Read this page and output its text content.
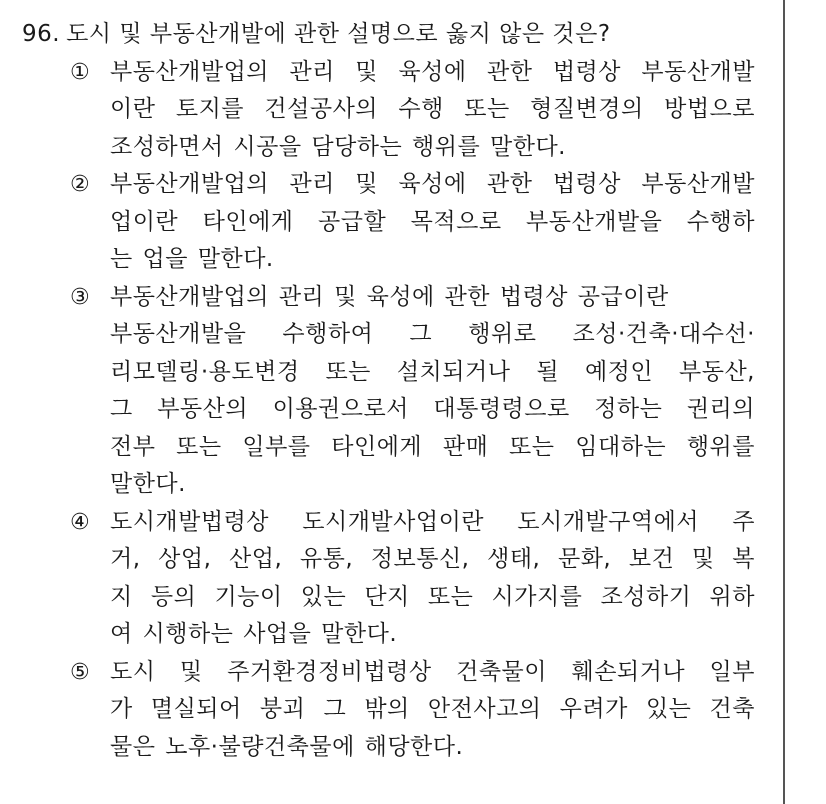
96. 도시 및 부동산개발에 관한 설명으로 옳지 않은 것은?
① 부동산개발업의 관리 및 육성에 관한 법령상 부동산개발
이란 토지를 건설공사의 수행 또는 형질변경의 방법으로
조성하면서 시공을 담당하는 행위를 말한다.
② 부동산개발업의 관리 및 육성에 관한 법령상 부동산개발
업이란 타인에게 공급할 목적으로 부동산개발을 수행하
는 업을 말한다.
③ 부동산개발업의 관리 및 육성에 관한 법령상 공급이란
부동산개발을 수행하여 그 행위로 조성·건축·대수선·
리모델링·용도변경 또는 설치되거나 될 예정인 부동산,
그 부동산의 이용권으로서 대통령령으로 정하는 권리의
전부 또는 일부를 타인에게 판매 또는 임대하는 행위를
말한다.
④ 도시개발법령상 도시개발사업이란 도시개발구역에서 주
거, 상업, 산업, 유통, 정보통신, 생태, 문화, 보건 및 복
지 등의 기능이 있는 단지 또는 시가지를 조성하기 위하
여 시행하는 사업을 말한다.
⑤ 도시 및 주거환경정비법령상 건축물이 훼손되거나 일부
가 멸실되어 붕괴 그 밖의 안전사고의 우려가 있는 건축
물은 노후·불량건축물에 해당한다.
